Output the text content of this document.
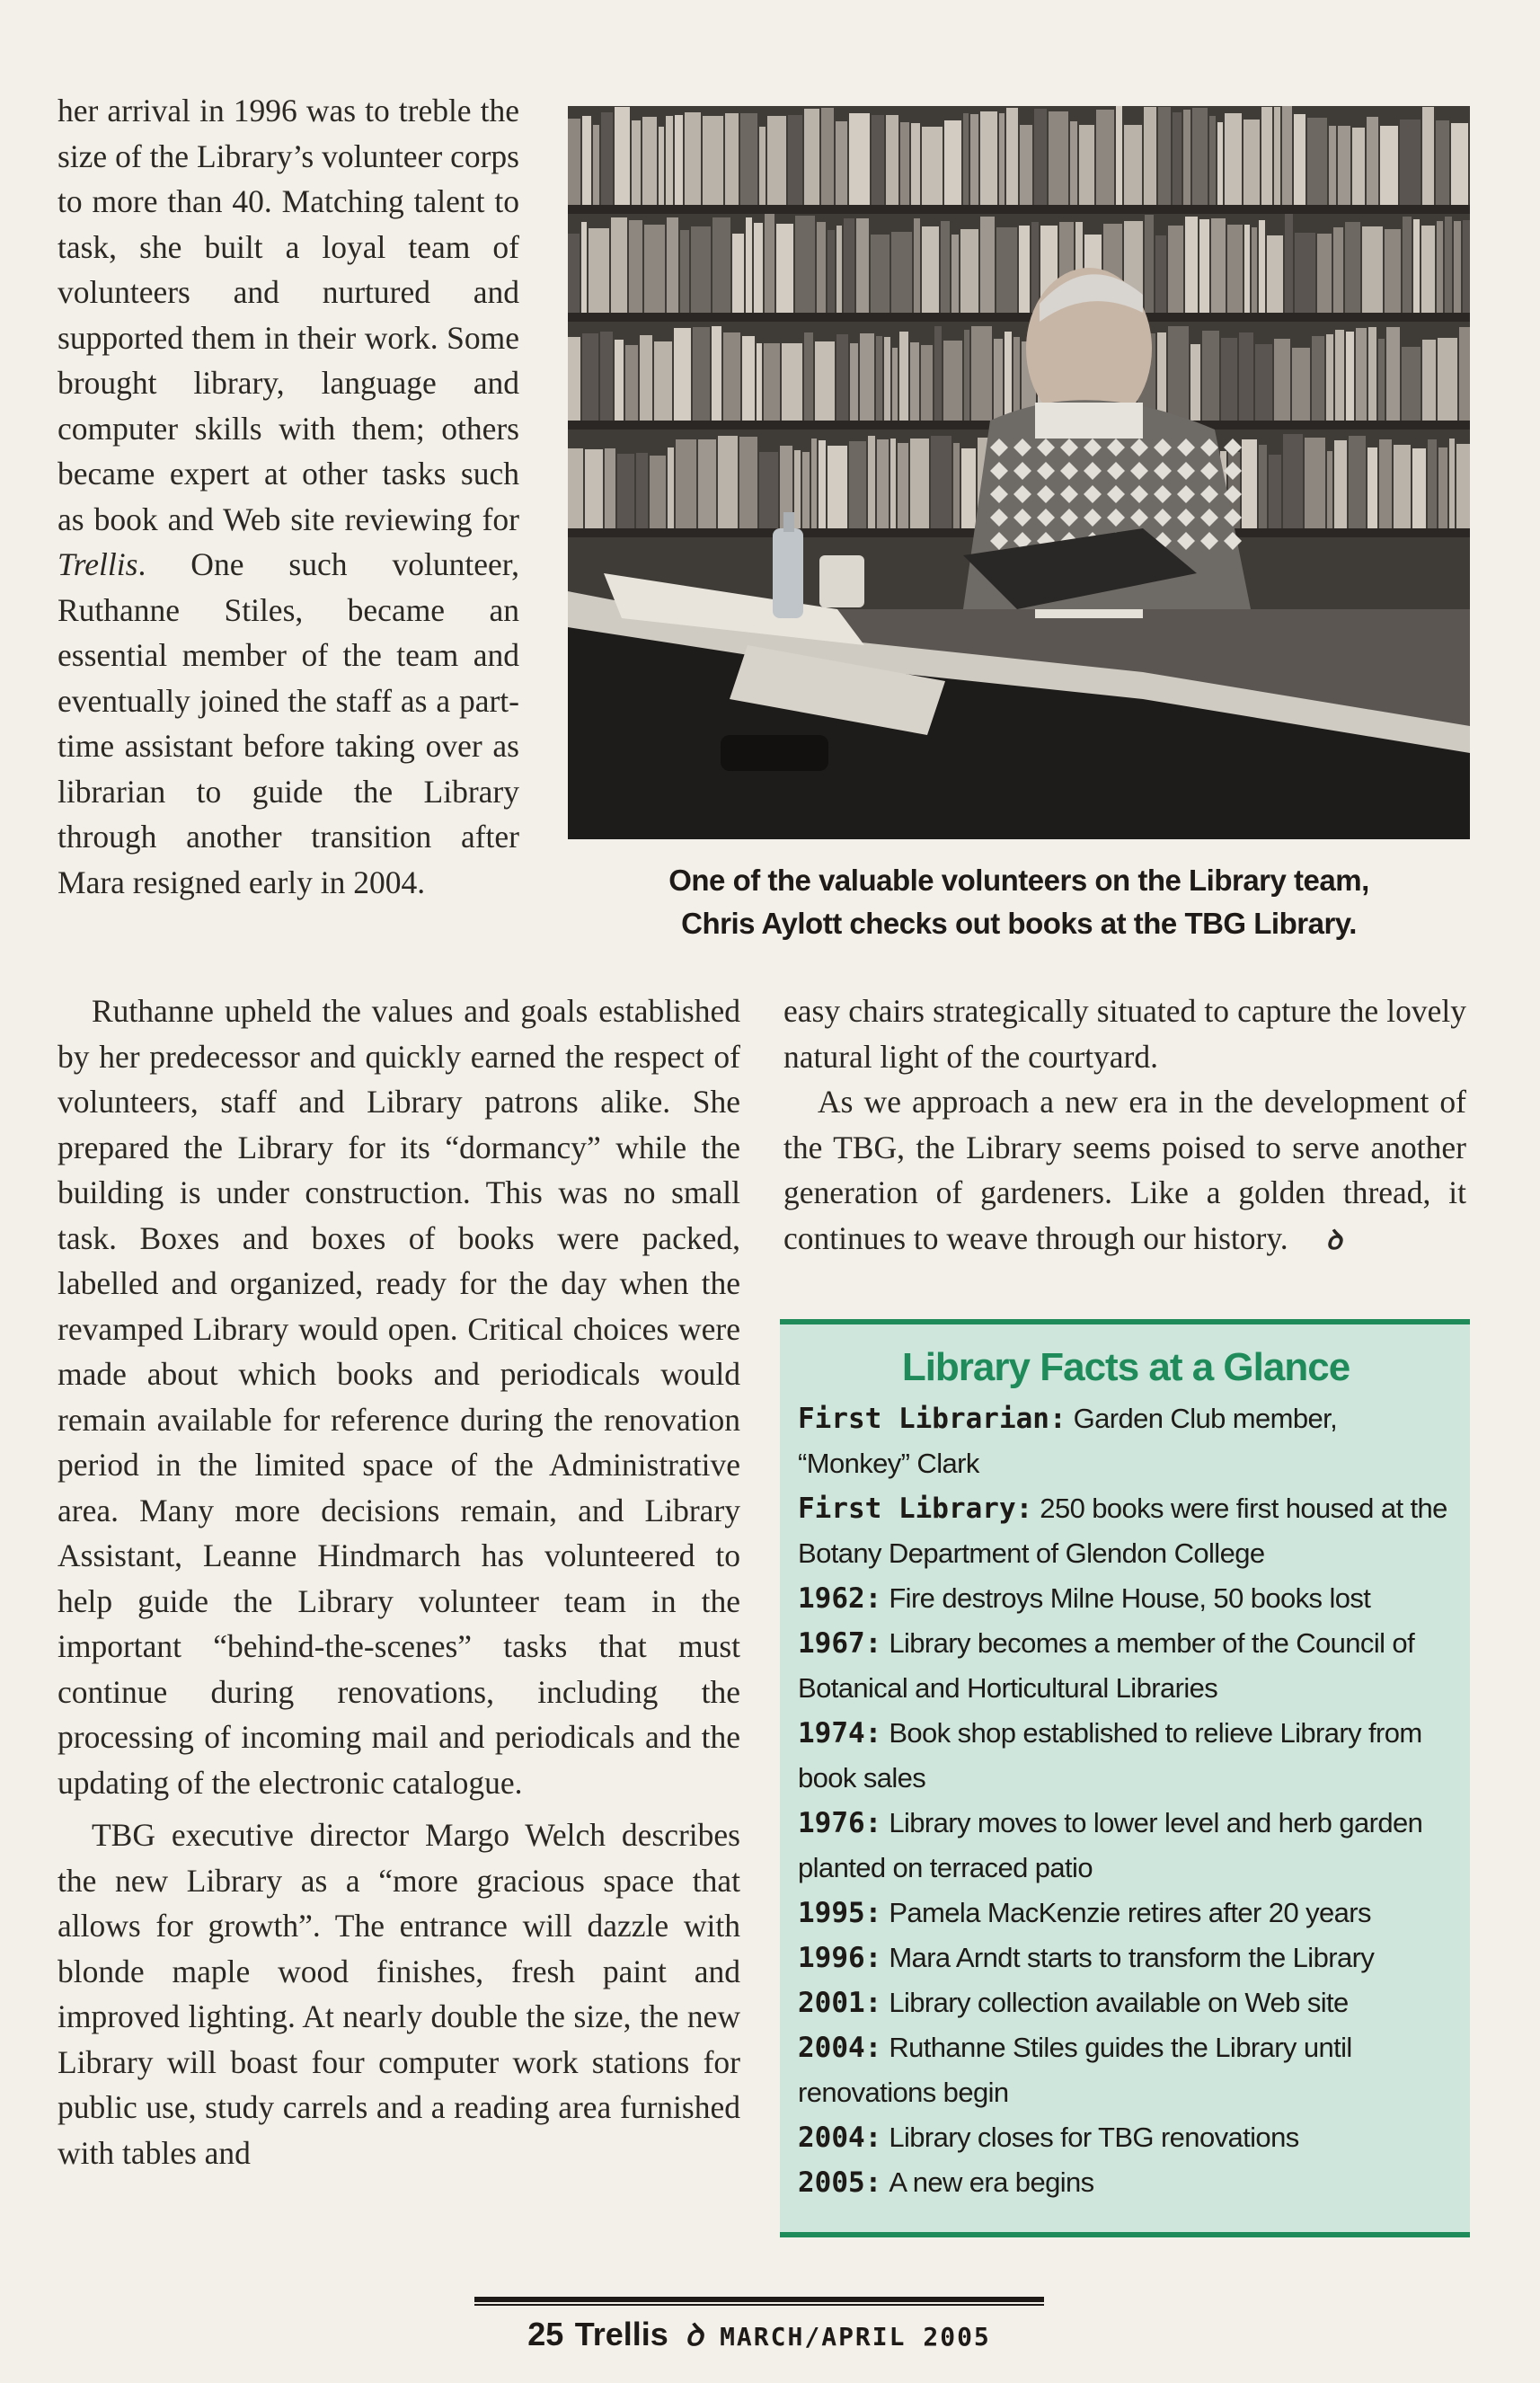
her arrival in 1996 was to treble the size of the Library’s volunteer corps to more than 40. Matching talent to task, she built a loyal team of volunteers and nurtured and supported them in their work. Some brought library, language and computer skills with them; others became expert at other tasks such as book and Web site reviewing for Trellis. One such volunteer, Ruthanne Stiles, became an essential member of the team and eventually joined the staff as a part-time assistant before taking over as librarian to guide the Library through another transition after Mara resigned early in 2004.	One of the valuable volunteers on the Library team,
Chris Aylott checks out books at the TBG Library.

Ruthanne upheld the values and goals established by her predecessor and quickly earned the respect of volunteers, staff and Library patrons alike. She prepared the Library for its “dormancy” while the building is under construction. This was no small task. Boxes and boxes of books were packed, labelled and organized, ready for the day when the revamped Library would open. Critical choices were made about which books and periodicals would remain available for reference during the renovation period in the limited space of the Administrative area. Many more decisions remain, and Library Assistant, Leanne Hindmarch has volunteered to help guide the Library volunteer team in the important “behind-the-scenes” tasks that must continue during renovations, including the processing of incoming mail and periodicals and the updating of the electronic catalogue.

TBG executive director Margo Welch describes the new Library as a “more gracious space that allows for growth”. The entrance will dazzle with blonde maple wood finishes, fresh paint and improved lighting. At nearly double the size, the new Library will boast four computer work stations for public use, study carrels and a reading area furnished with tables and

easy chairs strategically situated to capture the lovely natural light of the courtyard.

As we approach a new era in the development of the TBG, the Library seems poised to serve another generation of gardeners. Like a golden thread, it continues to weave through our history. ꝺ

Library Facts at a Glance
First Librarian: Garden Club member, “Monkey” Clark
First Library: 250 books were first housed at the Botany Department of Glendon College
1962: Fire destroys Milne House, 50 books lost
1967: Library becomes a member of the Council of Botanical and Horticultural Libraries
1974: Book shop established to relieve Library from book sales
1976: Library moves to lower level and herb garden planted on terraced patio
1995: Pamela MacKenzie retires after 20 years
1996: Mara Arndt starts to transform the Library
2001: Library collection available on Web site
2004: Ruthanne Stiles guides the Library until renovations begin
2004: Library closes for TBG renovations
2005: A new era begins
25 Trellis ꝺ MARCH/APRIL 2005
